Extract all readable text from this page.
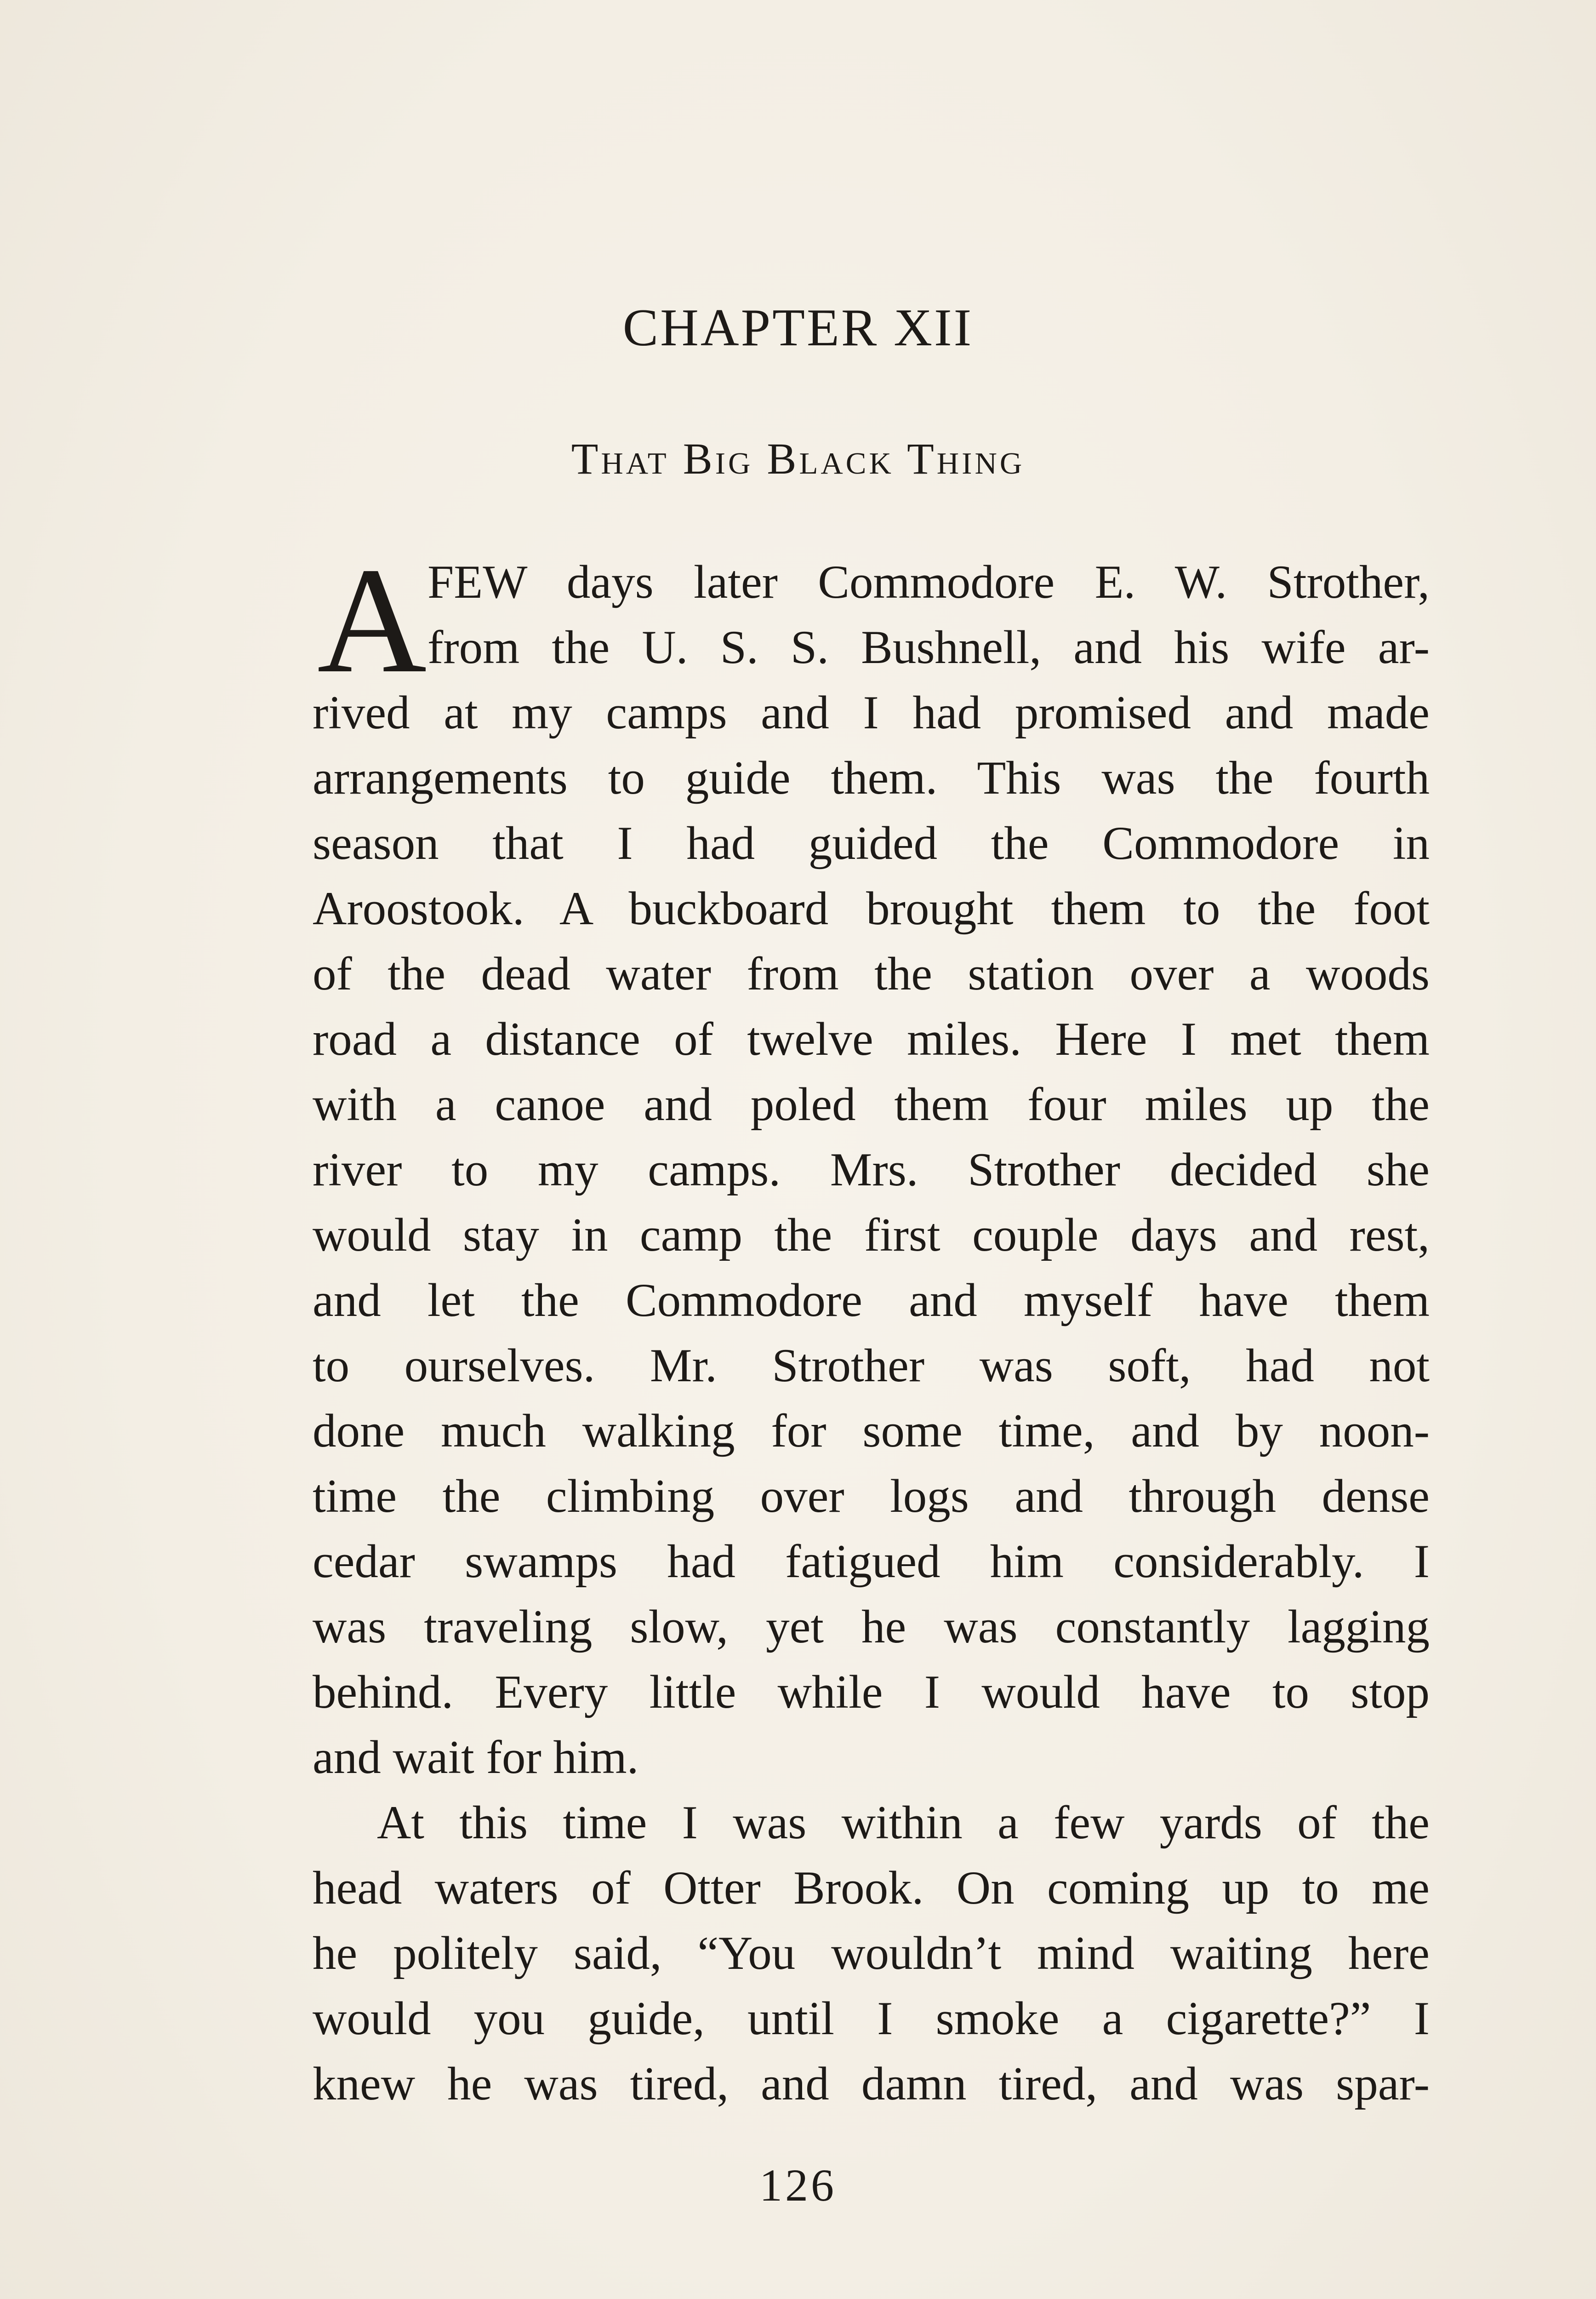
CHAPTER XII
That Big Black Thing
A FEW days later Commodore E. W. Strother,
from the U. S. S. Bushnell, and his wife ar-
rived at my camps and I had promised and made
arrangements to guide them. This was the fourth
season that I had guided the Commodore in
Aroostook. A buckboard brought them to the foot
of the dead water from the station over a woods
road a distance of twelve miles. Here I met them
with a canoe and poled them four miles up the
river to my camps. Mrs. Strother decided she
would stay in camp the first couple days and rest,
and let the Commodore and myself have them
to ourselves. Mr. Strother was soft, had not
done much walking for some time, and by noon-
time the climbing over logs and through dense
cedar swamps had fatigued him considerably. I
was traveling slow, yet he was constantly lagging
behind. Every little while I would have to stop
and wait for him.
At this time I was within a few yards of the
head waters of Otter Brook. On coming up to me
he politely said, “You wouldn’t mind waiting here
would you guide, until I smoke a cigarette?” I
knew he was tired, and damn tired, and was spar-
126
